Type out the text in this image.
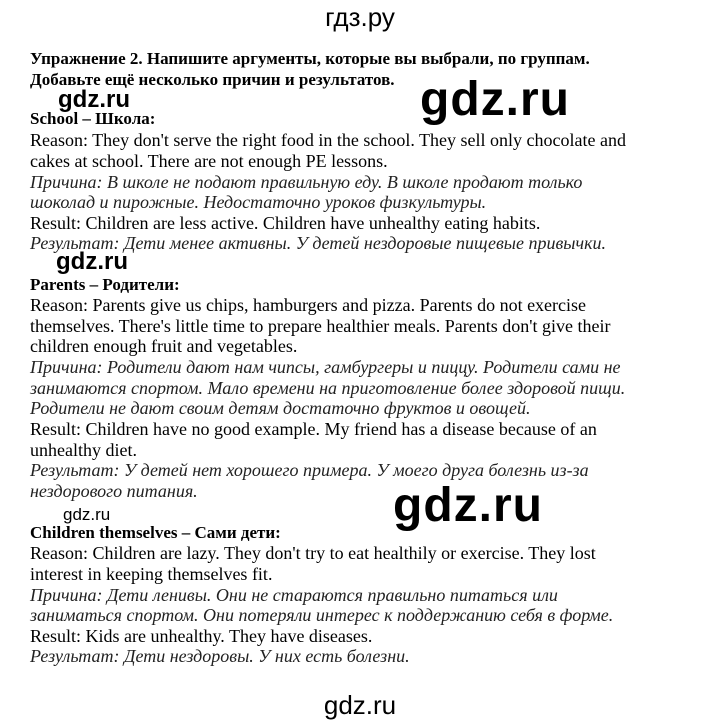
гдз.ру
Упражнение 2. Напишите аргументы, которые вы выбрали, по группам.
Добавьте ещё несколько причин и результатов.
gdz.ru	gdz.ru
gdz.ru
gdz.ru
gdz.ru
School – Школа:
Reason: They don't serve the right food in the school. They sell only chocolate and
cakes at school. There are not enough PE lessons.
Причина: В школе не подают правильную еду. В школе продают только
шоколад и пирожные. Недостаточно уроков физкультуры.
Result: Children are less active. Children have unhealthy eating habits.
Результат: Дети менее активны. У детей нездоровые пищевые привычки.
Parents – Родители:
Reason: Parents give us chips, hamburgers and pizza. Parents do not exercise
themselves. There's little time to prepare healthier meals. Parents don't give their
children enough fruit and vegetables.
Причина: Родители дают нам чипсы, гамбургеры и пиццу. Родители сами не
занимаются спортом. Мало времени на приготовление более здоровой пищи.
Родители не дают своим детям достаточно фруктов и овощей.
Result: Children have no good example. My friend has a disease because of an
unhealthy diet.
Результат: У детей нет хорошего примера. У моего друга болезнь из-за
нездорового питания.
Children themselves – Сами дети:
Reason: Children are lazy. They don't try to eat healthily or exercise. They lost
interest in keeping themselves fit.
Причина: Дети ленивы. Они не стараются правильно питаться или
заниматься спортом. Они потеряли интерес к поддержанию себя в форме.
Result: Kids are unhealthy. They have diseases.
Результат: Дети нездоровы. У них есть болезни.
gdz.ru
